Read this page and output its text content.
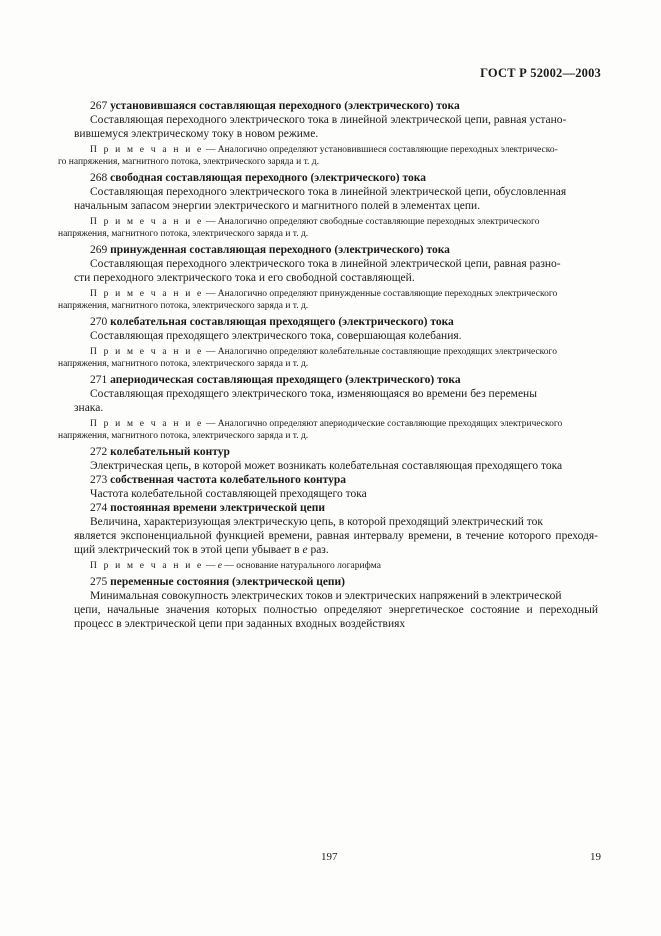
ГОСТ Р 52002—2003
267 установившаяся составляющая переходного (электрического) тока
Составляющая переходного электрического тока в линейной электрической цепи, равная устано-
вившемуся электрическому току в новом режиме.
П р и м е ч а н и е — Аналогично определяют установившиеся составляющие переходных электрическо-
го напряжения, магнитного потока, электрического заряда и т. д.
268 свободная составляющая переходного (электрического) тока
Составляющая переходного электрического тока в линейной электрической цепи, обусловленная
начальным запасом энергии электрического и магнитного полей в элементах цепи.
П р и м е ч а н и е — Аналогично определяют свободные составляющие переходных электрического
напряжения, магнитного потока, электрического заряда и т. д.
269 принужденная составляющая переходного (электрического) тока
Составляющая переходного электрического тока в линейной электрической цепи, равная разно-
сти переходного электрического тока и его свободной составляющей.
П р и м е ч а н и е — Аналогично определяют принужденные составляющие переходных электрического
напряжения, магнитного потока, электрического заряда и т. д.
270 колебательная составляющая преходящего (электрического) тока
Составляющая преходящего электрического тока, совершающая колебания.
П р и м е ч а н и е — Аналогично определяют колебательные составляющие преходящих электрического
напряжения, магнитного потока, электрического заряда и т. д.
271 апериодическая составляющая преходящего (электрического) тока
Составляющая преходящего электрического тока, изменяющаяся во времени без перемены
знака.
П р и м е ч а н и е — Аналогично определяют апериодические составляющие преходящих электрического
напряжения, магнитного потока, электрического заряда и т. д.
272 колебательный контур
Электрическая цепь, в которой может возникать колебательная составляющая преходящего тока
273 собственная частота колебательного контура
Частота колебательной составляющей преходящего тока
274 постоянная времени электрической цепи
Величина, характеризующая электрическую цепь, в которой преходящий электрический ток
является экспоненциальной функцией времени, равная интервалу времени, в течение которого преходя- щий электрический ток в этой цепи убывает в e раз.
П р и м е ч а н и е — e — основание натурального логарифма
275 переменные состояния (электрической цепи)
Минимальная совокупность электрических токов и электрических напряжений в электрической
цепи, начальные значения которых полностью определяют энергетическое состояние и переходный процесс в электрической цепи при заданных входных воздействиях
197	19
